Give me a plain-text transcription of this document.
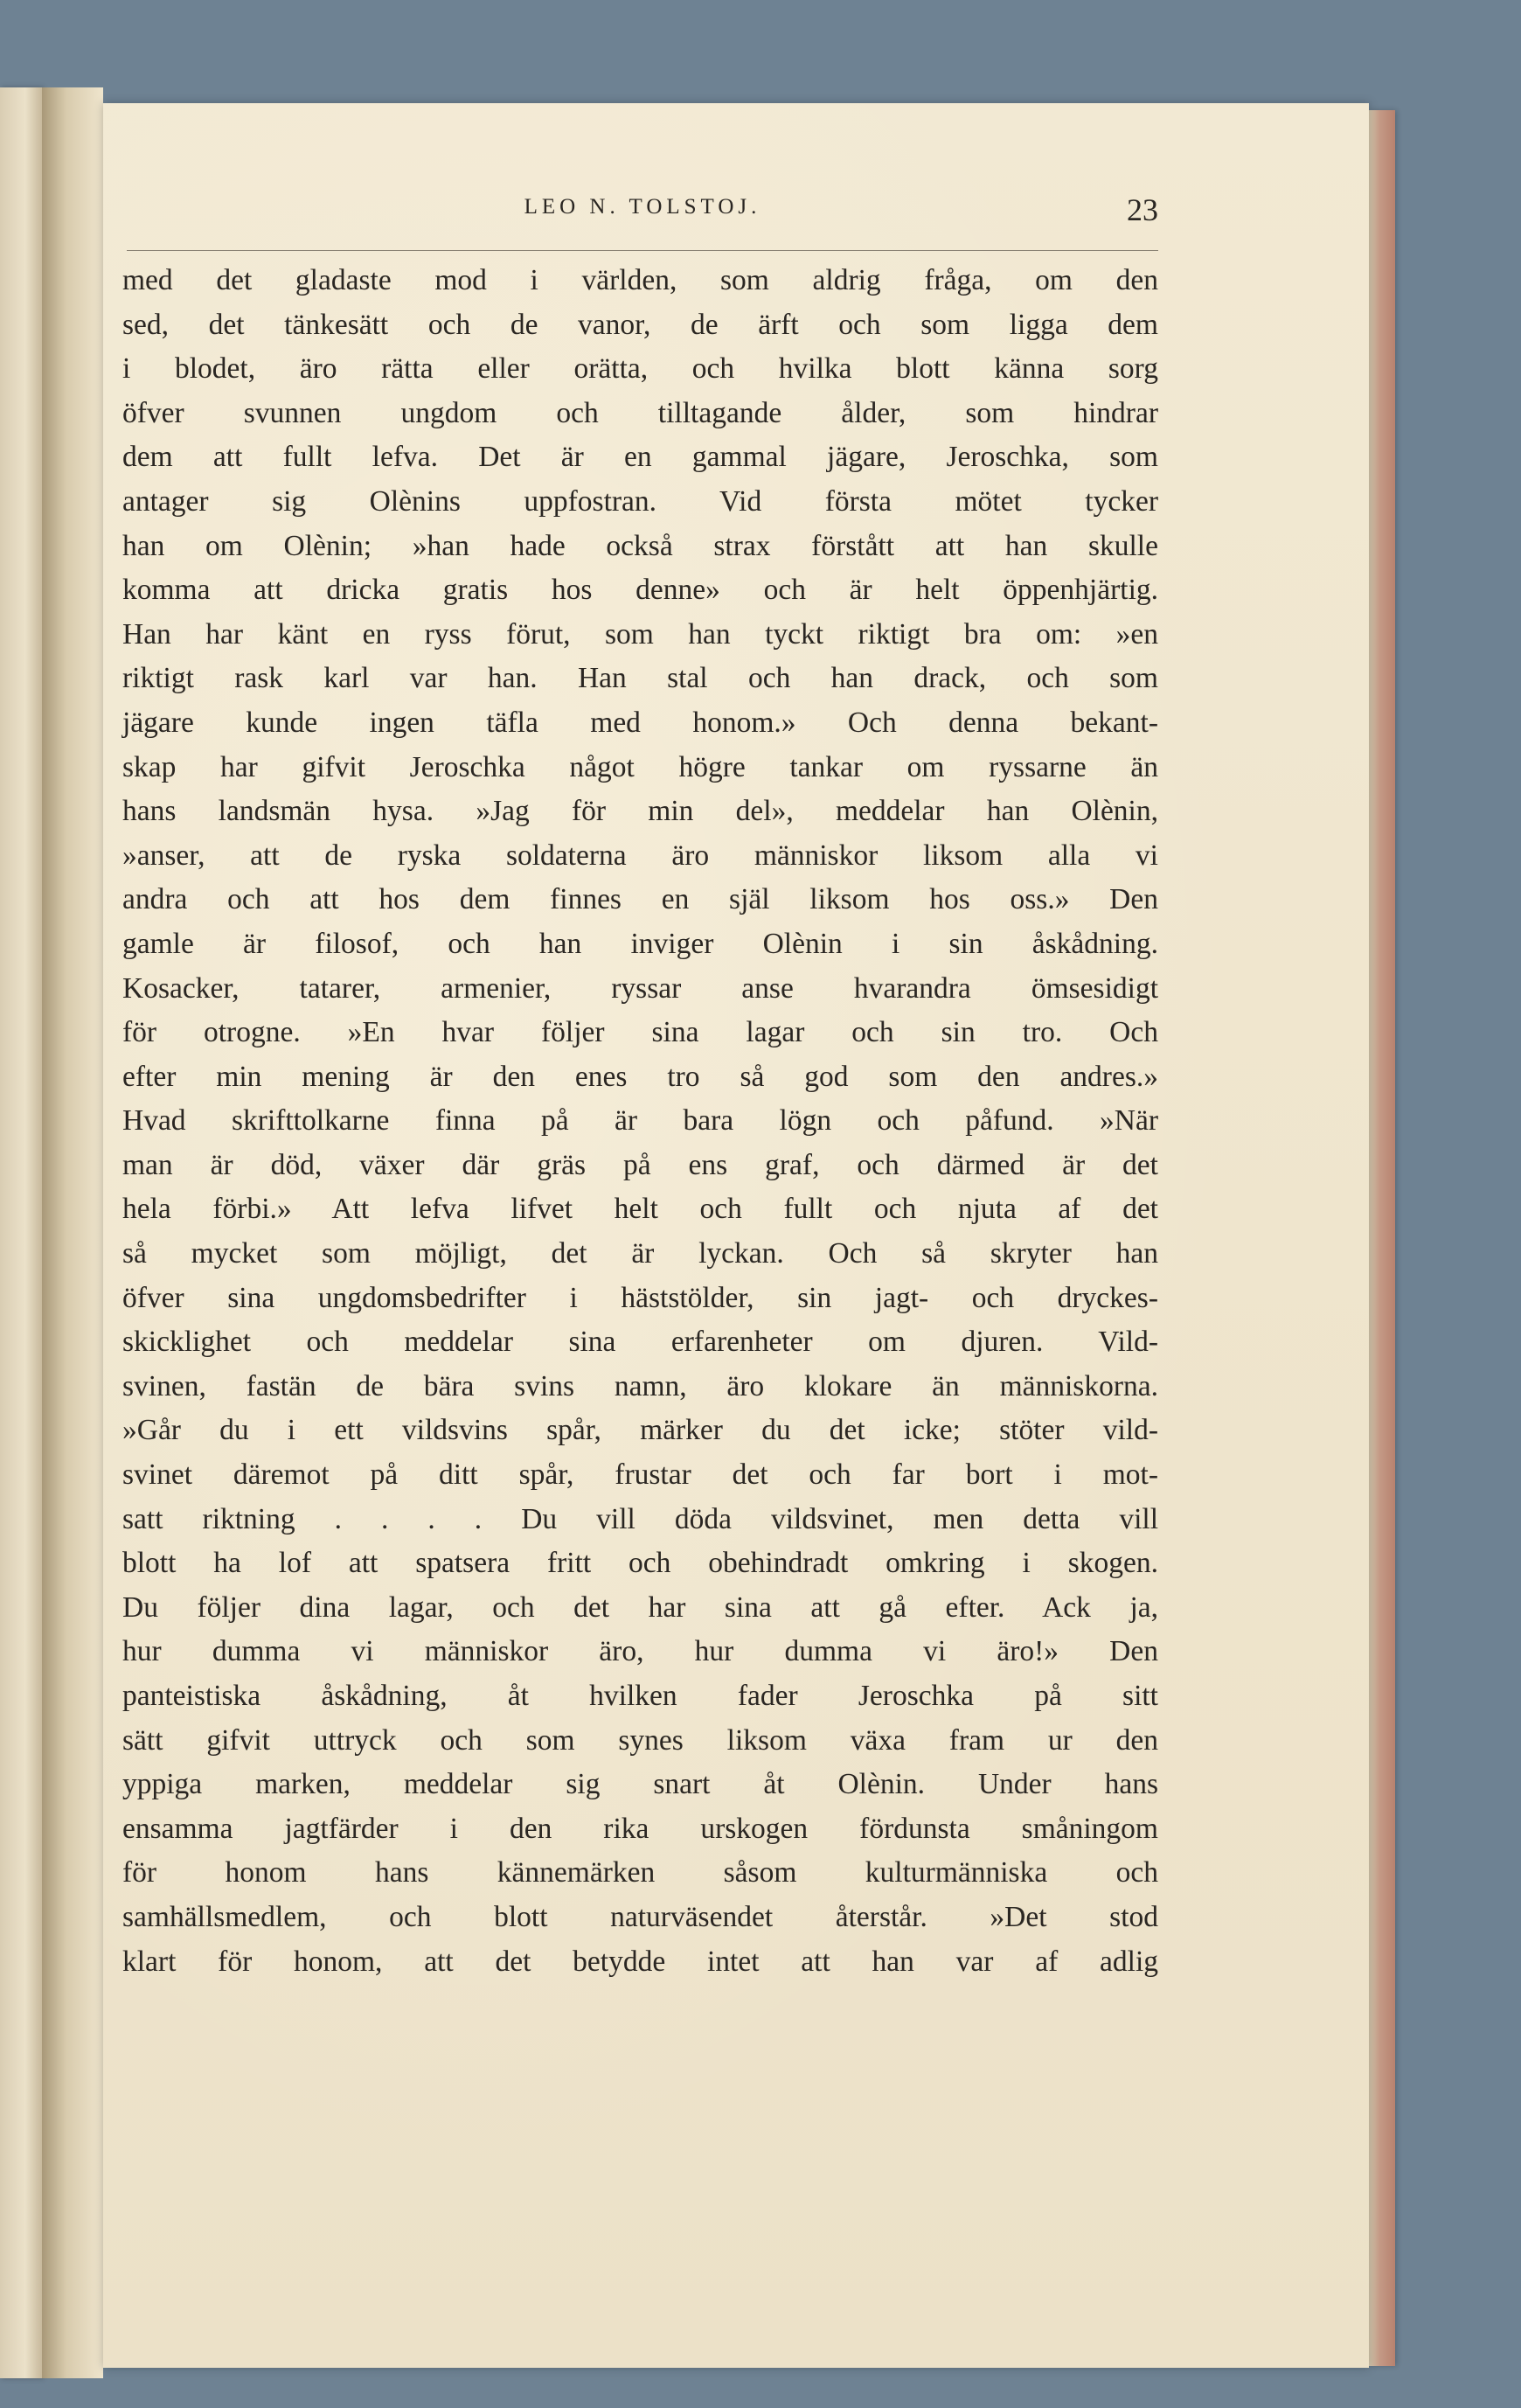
LEO N. TOLSTOJ.	23
med det gladaste mod i världen, som aldrig fråga, om den
sed, det tänkesätt och de vanor, de ärft och som ligga dem
i blodet, äro rätta eller orätta, och hvilka blott känna sorg
öfver svunnen ungdom och tilltagande ålder, som hindrar
dem att fullt lefva. Det är en gammal jägare, Jeroschka, som
antager sig Olènins uppfostran. Vid första mötet tycker
han om Olènin; »han hade också strax förstått att han skulle
komma att dricka gratis hos denne» och är helt öppenhjärtig.
Han har känt en ryss förut, som han tyckt riktigt bra om: »en
riktigt rask karl var han. Han stal och han drack, och som
jägare kunde ingen täfla med honom.» Och denna bekant-
skap har gifvit Jeroschka något högre tankar om ryssarne än
hans landsmän hysa. »Jag för min del», meddelar han Olènin,
»anser, att de ryska soldaterna äro människor liksom alla vi
andra och att hos dem finnes en själ liksom hos oss.» Den
gamle är filosof, och han inviger Olènin i sin åskådning.
Kosacker, tatarer, armenier, ryssar anse hvarandra ömsesidigt
för otrogne. »En hvar följer sina lagar och sin tro. Och
efter min mening är den enes tro så god som den andres.»
Hvad skrifttolkarne finna på är bara lögn och påfund. »När
man är död, växer där gräs på ens graf, och därmed är det
hela förbi.» Att lefva lifvet helt och fullt och njuta af det
så mycket som möjligt, det är lyckan. Och så skryter han
öfver sina ungdomsbedrifter i häststölder, sin jagt- och dryckes-
skicklighet och meddelar sina erfarenheter om djuren. Vild-
svinen, fastän de bära svins namn, äro klokare än människorna.
»Går du i ett vildsvins spår, märker du det icke; stöter vild-
svinet däremot på ditt spår, frustar det och far bort i mot-
satt riktning . . . . Du vill döda vildsvinet, men detta vill
blott ha lof att spatsera fritt och obehindradt omkring i skogen.
Du följer dina lagar, och det har sina att gå efter. Ack ja,
hur dumma vi människor äro, hur dumma vi äro!» Den
panteistiska åskådning, åt hvilken fader Jeroschka på sitt
sätt gifvit uttryck och som synes liksom växa fram ur den
yppiga marken, meddelar sig snart åt Olènin. Under hans
ensamma jagtfärder i den rika urskogen fördunsta småningom
för honom hans kännemärken såsom kulturmänniska och
samhällsmedlem, och blott naturväsendet återstår. »Det stod
klart för honom, att det betydde intet att han var af adlig
